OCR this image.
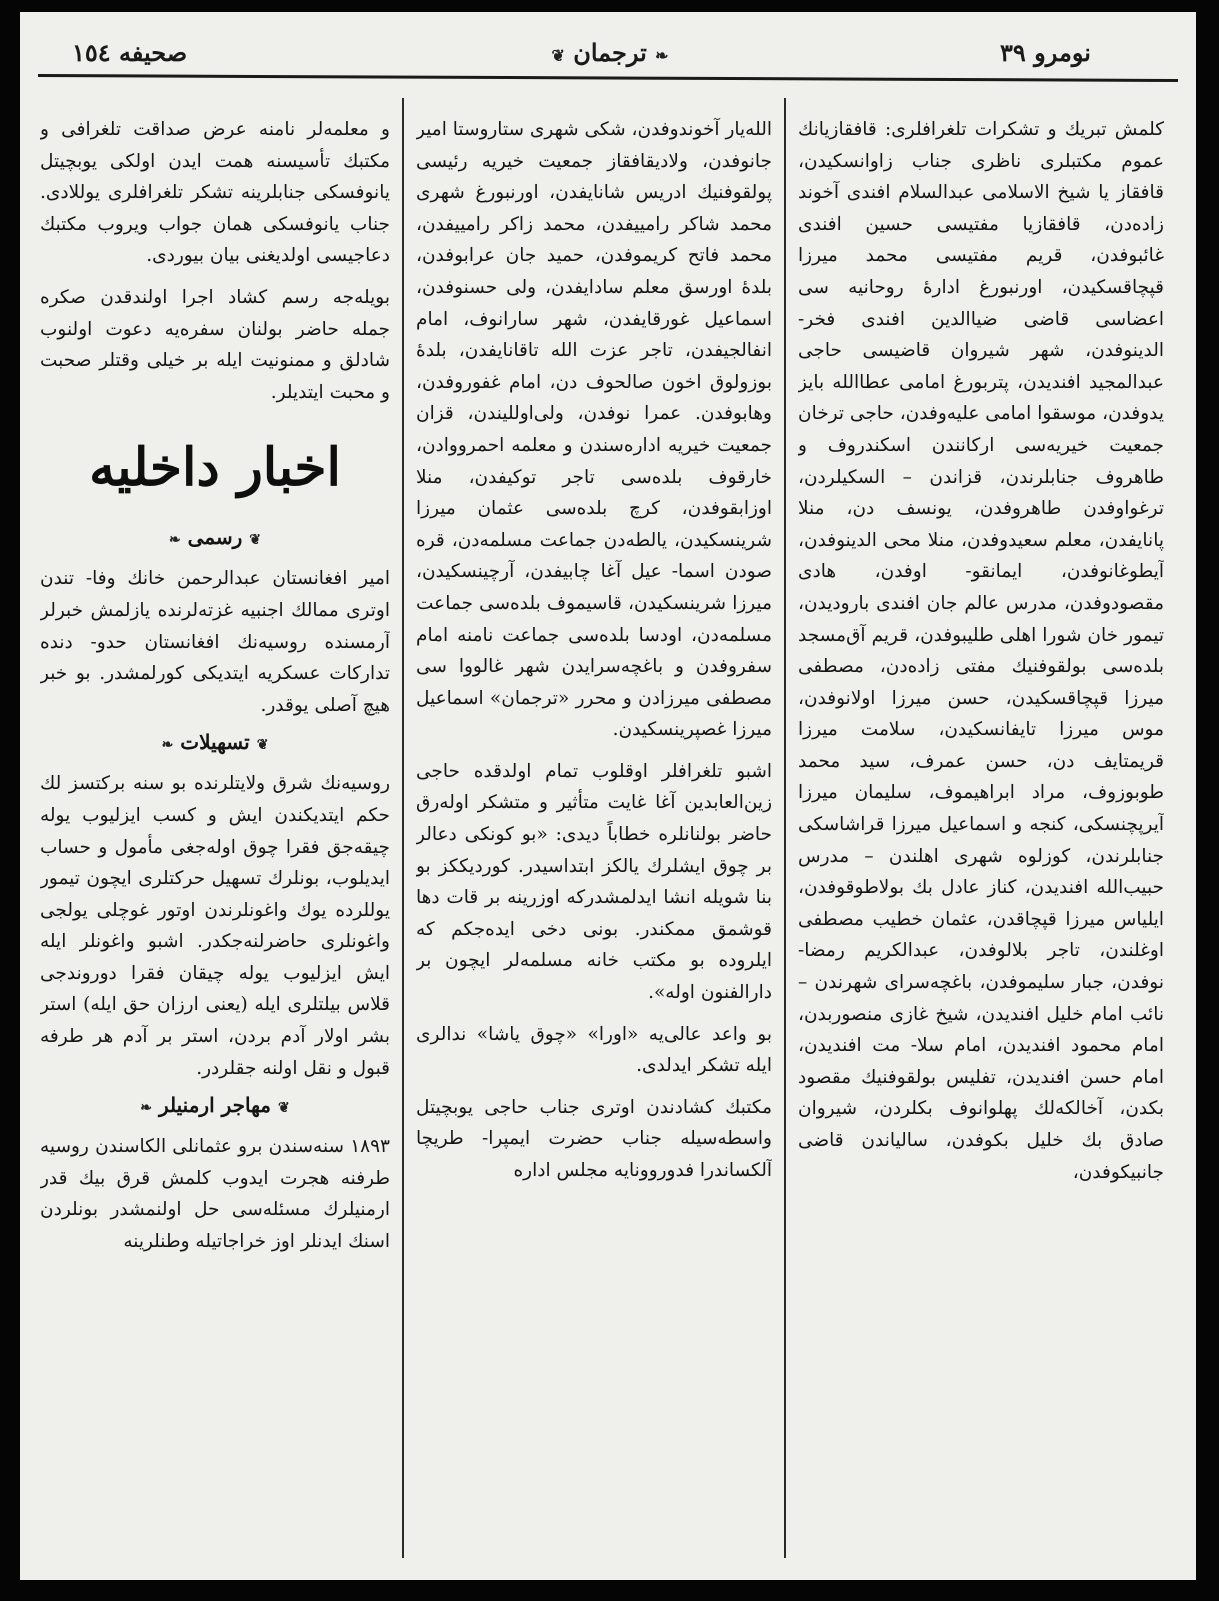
نومرو ٣٩
❦ ترجمان ❧
صحیفه ١٥٤

کلمش تبریك و تشکرات تلغرافلری: قافقازیانك عموم مکتبلری ناظری جناب زاوانسکیدن، قافقاز یا شیخ الاسلامی عبدالسلام افندی آخوند زاده‌دن، قافقازیا مفتیسی حسین افندی غائبوفدن، قریم مفتیسی محمد میرزا قپچاقسکیدن، اورنبورغ ادارهٔ روحانیه سی اعضاسی قاضی ضیاالدین افندی فخر- الدینوفدن، شهر شیروان قاضیسی حاجی عبدالمجید افندیدن، پتربورغ امامی عطاالله بایز یدوفدن، موسقوا امامی علیه‌وفدن، حاجی ترخان جمعیت خیریه‌سی ارکانندن اسکندروف و طاهروف جنابلرندن، قزاندن – السکیلردن، ترغواوفدن طاهروفدن، یونسف دن، منلا پانایفدن، معلم سعیدوفدن، منلا محی الدینوفدن، آیطوغانوفدن، ایمانقو- اوفدن، هادی مقصودوفدن، مدرس عالم جان افندی بارودیدن، تیمور خان شورا اهلی طلیبوفدن، قریم آق‌مسجد بلده‌سی بولقوفنیك مفتی زاده‌دن، مصطفی میرزا قپچاقسکیدن، حسن میرزا اولانوفدن، موس میرزا تایفانسکیدن، سلامت میرزا قریمتایف دن، حسن عمرف، سید محمد طوبوزوف، مراد ابراهیموف، سلیمان میرزا آیرپچنسکی، کنجه و اسماعیل میرزا قراشاسکی جنابلرندن، کوزلوه شهری اهلندن – مدرس حبیب‌الله افندیدن، کناز عادل بك بولاطوقوفدن، ایلیاس میرزا قپچاقدن، عثمان خطیب مصطفی اوغلندن، تاجر بلالوفدن، عبدالکریم رمضا- نوفدن، جبار سلیموفدن، باغچه‌سرای شهرندن – نائب امام خلیل افندیدن، شیخ غازی منصوربدن، امام محمود افندیدن، امام سلا- مت افندیدن، امام حسن افندیدن، تفلیس بولقوفنیك مقصود بکدن، آخالکه‌لك پهلوانوف بکلردن، شیروان صادق بك خلیل بکوفدن، سالیاندن قاضی جانبیکوفدن،

الله‌یار آخوندوفدن، شکی شهری ستاروستا امیر جانوفدن، ولادیقافقاز جمعیت خیریه رئیسی پولقوفنیك ادریس شانایفدن، اورنبورغ شهری محمد شاکر رامییفدن، محمد زاکر رامییفدن، محمد فاتح کریموفدن، حمید جان عرابوفدن، بلدهٔ اورسق معلم سادایفدن، ولی حسنوفدن، اسماعیل غورقایفدن، شهر سارانوف، امام انفالجیفدن، تاجر عزت الله تاقانایفدن، بلدهٔ بوزولوق اخون صالحوف دن، امام غفوروفدن، وهابوفدن. عمرا نوفدن، ولی‌اوللیندن، قزان جمعیت خیریه اداره‌سندن و معلمه احمرووادن، خارقوف بلده‌سی تاجر توکیفدن، منلا اوزابقوفدن، کرچ بلده‌سی عثمان میرزا شرینسکیدن، یالطه‌دن جماعت مسلمه‌دن، قره صودن اسما- عیل آغا چابیفدن، آرچینسکیدن، میرزا شرینسکیدن، قاسیموف بلده‌سی جماعت مسلمه‌دن، اودسا بلده‌سی جماعت نامنه امام سفروفدن و باغچه‌سرایدن شهر غالووا سی مصطفی میرزادن و محرر «ترجمان» اسماعیل میرزا غصپرینسکیدن.

اشبو تلغرافلر اوقلوب تمام اولدقده حاجی زین‌العابدین آغا غایت متأثیر و متشکر اوله‌رق حاضر بولنانلره خطاباً دیدی: «بو کونکی دعالر بر چوق ایشلرك یالکز ابتداسیدر. کوردیککز بو بنا شویله انشا ایدلمشدرکه اوزرینه بر قات دها قوشمق ممکندر. بونی دخی ایده‌جکم که ایلروده بو مکتب خانه مسلمه‌لر ایچون بر دارالفنون اوله».

بو واعد عالی‌یه «اورا» «چوق یاشا» ندالری ایله تشکر ایدلدی.

مکتبك کشادندن اوتری جناب حاجی یوبچیتل واسطه‌سیله جناب حضرت ایمپرا- طریچا آلکساندرا فدوروونایه مجلس اداره

و معلمه‌لر نامنه عرض صداقت تلغرافی و مکتبك تأسیسنه همت ایدن اولکی یوبچیتل یانوفسکی جنابلرینه تشکر تلغرافلری یوللادی. جناب یانوفسکی همان جواب ویروب مکتبك دعاجیسی اولدیغنی بیان بیوردی.

بویله‌جه رسم کشاد اجرا اولندقدن صکره جمله حاضر بولنان سفره‌یه دعوت اولنوب شادلق و ممنونیت ایله بر خیلی وقتلر صحبت و محبت ایتدیلر.

اخبار داخلیه
❦ رسمی ❧

امیر افغانستان عبدالرحمن خانك وفا- تندن اوتری ممالك اجنبیه غزته‌لرنده یازلمش خبرلر آرمسنده روسیه‌نك افغانستان حدو- دنده تدارکات عسکریه ایتدیکی کورلمشدر. بو خبر هیچ آصلی یوقدر.

❦ تسهیلات ❧

روسیه‌نك شرق ولایتلرنده بو سنه برکتسز لك حکم ایتدیکندن ایش و کسب ایزلیوب یوله چیقه‌جق فقرا چوق اوله‌جغی مأمول و حساب ایدیلوب، بونلرك تسهیل حرکتلری ایچون تیمور یوللرده یوك واغونلرندن اوتور غوچلی یولجی واغونلری حاضرلنه‌جکدر. اشبو واغونلر ایله ایش ایزلیوب یوله چیقان فقرا دوروندجی قلاس بیلتلری ایله (یعنی ارزان حق ایله) استر بشر اولار آدم بردن، استر بر آدم هر طرفه قبول و نقل اولنه جقلردر.

❦ مهاجر ارمنیلر ❧

١٨٩٣ سنه‌سندن برو عثمانلی الکاسندن روسیه طرفنه هجرت ایدوب کلمش قرق بیك قدر ارمنیلرك مسئله‌سی حل اولنمشدر بونلردن اسنك ایدنلر اوز خراجاتیله وطنلرینه
